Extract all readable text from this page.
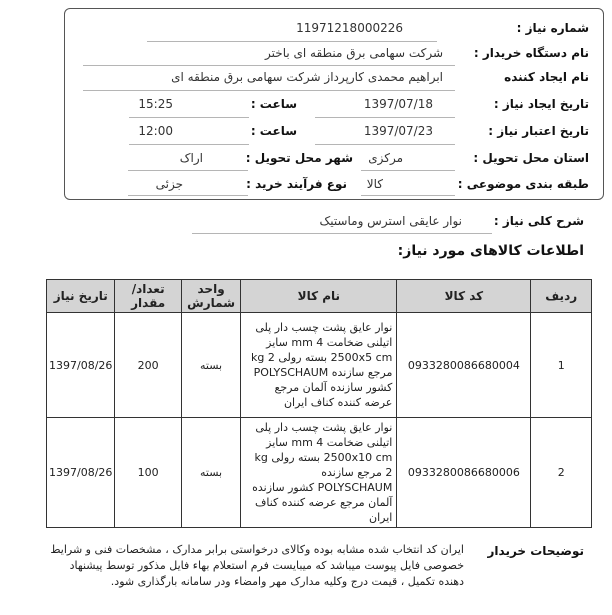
شماره نیاز :
11971218000226
نام دستگاه خریدار :
شرکت سهامی برق منطقه ای باختر
نام ایجاد کننده
ابراهیم محمدی کارپرداز شرکت سهامی برق منطقه ای
تاریخ ایجاد نیاز :
1397/07/18
ساعت :
15:25
تاریخ اعتبار نیاز :
1397/07/23
ساعت :
12:00
استان محل تحویل :
مرکزی
شهر محل تحویل :
اراک
طبقه بندی موضوعی :
کالا
نوع فرآیند خرید :
جزئی
شرح کلی نیاز :
نوار عایقی استرس وماستیک
اطلاعات کالاهای مورد نیاز:
ردیف	کد کالا	نام کالا	واحد شمارش	تعداد/ مقدار	تاریخ نیاز
1	0933280086680004	نوار عایق پشت چسب دار پلی اتیلنی ضخامت mm 4 سایز 2500x5 cm بسته رولی kg 2 مرجع سازنده POLYSCHAUM کشور سازنده آلمان مرجع عرضه کننده کناف ایران	بسته	200	1397/08/26
2	0933280086680006	نوار عایق پشت چسب دار پلی اتیلنی ضخامت mm 4 سایز 2500x10 cm بسته رولی kg 2 مرجع سازنده POLYSCHAUM کشور سازنده آلمان مرجع عرضه کننده کناف ایران	بسته	100	1397/08/26
توضیحات خریدار
ایران کد انتخاب شده مشابه بوده وکالای درخواستی برابر مدارک ، مشخصات فنی و شرایط خصوصی فایل پیوست میباشد که میبایست فرم استعلام بهاء فایل مذکور توسط پیشنهاد دهنده تکمیل ، قیمت درج وکلیه مدارک مهر وامضاء ودر سامانه بارگذاری شود.
